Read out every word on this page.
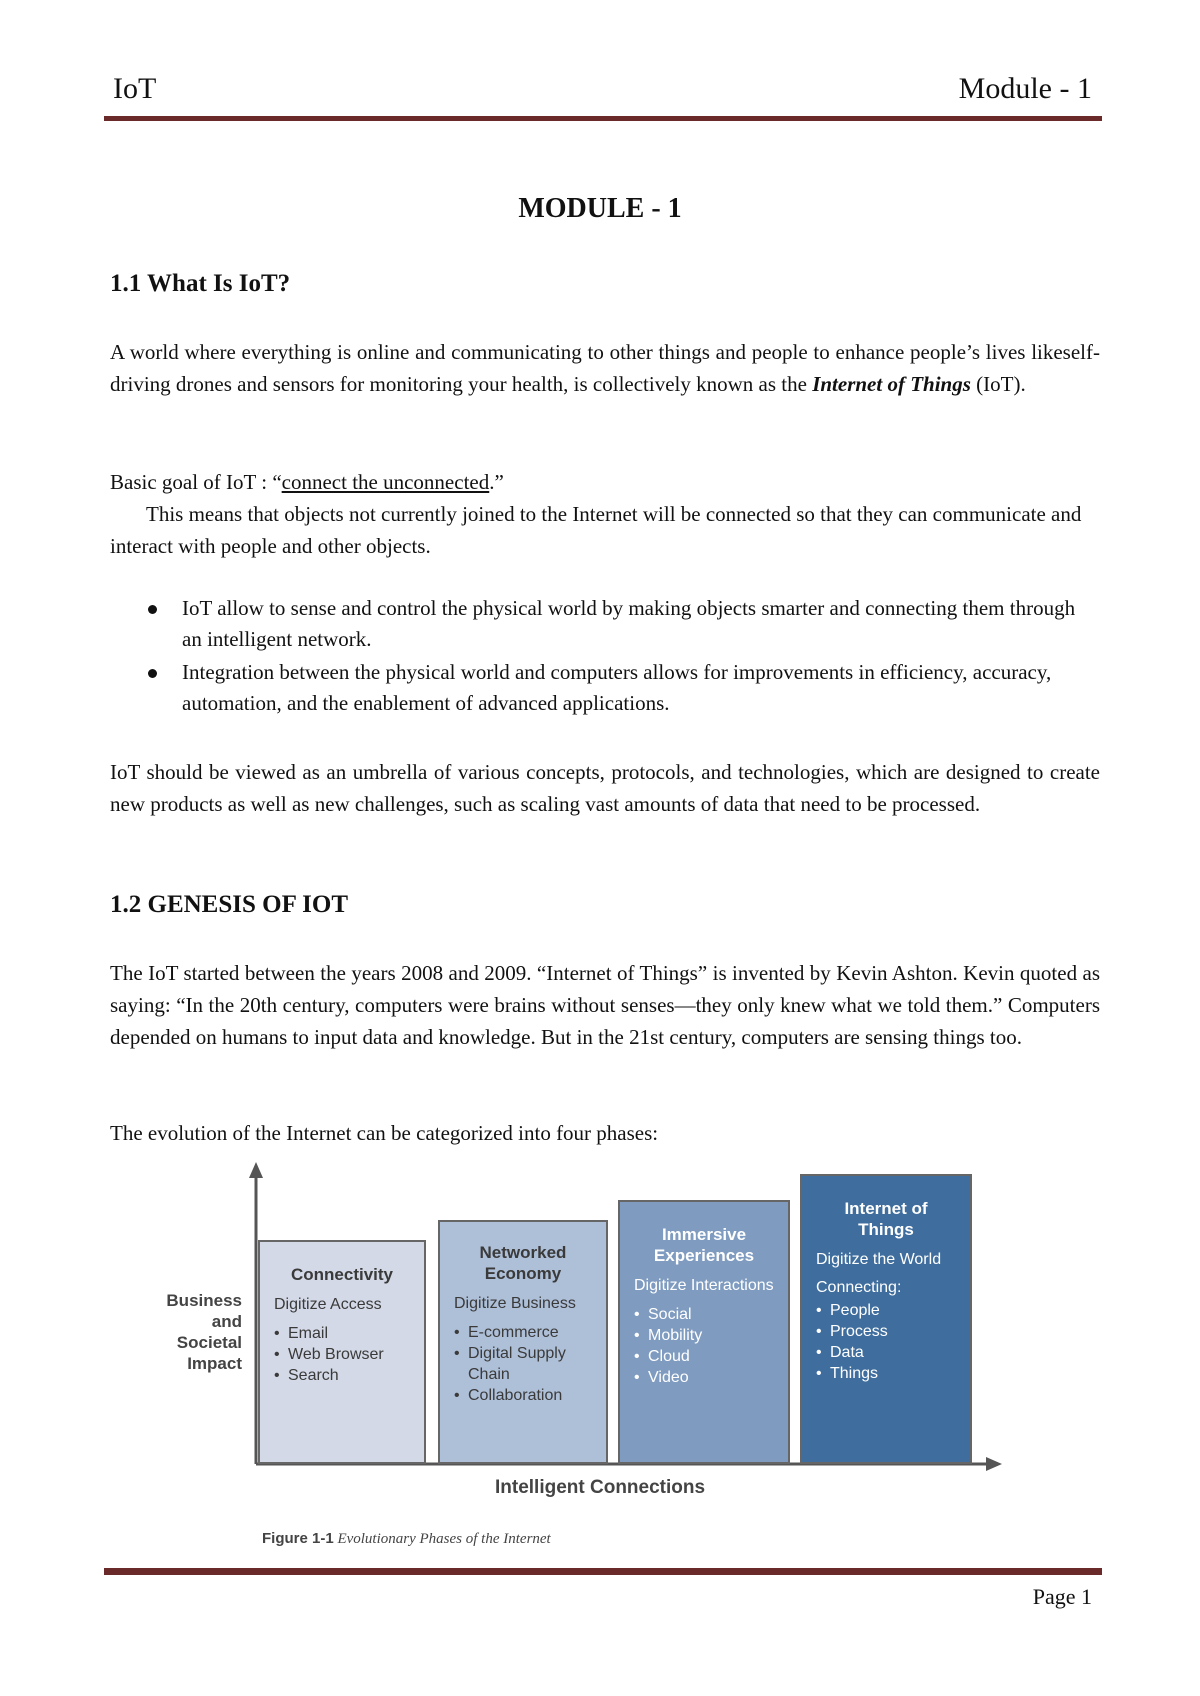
IoT	Module - 1
MODULE - 1
1.1 What Is IoT?

A world where everything is online and communicating to other things and people to enhance people’s lives likeself-driving drones and sensors for monitoring your health, is collectively known as the Internet of Things (IoT).

Basic goal of IoT : “connect the unconnected.”

This means that objects not currently joined to the Internet will be connected so that they can communicate and interact with people and other objects.

IoT allow to sense and control the physical world by making objects smarter and connecting them through an intelligent network.
Integration between the physical world and computers allows for improvements in efficiency, accuracy, automation, and the enablement of advanced applications.

IoT should be viewed as an umbrella of various concepts, protocols, and technologies, which are designed to create new products as well as new challenges, such as scaling vast amounts of data that need to be processed.

1.2 GENESIS OF IOT

The IoT started between the years 2008 and 2009. “Internet of Things” is invented by Kevin Ashton. Kevin quoted as saying: “In the 20th century, computers were brains without senses—they only knew what we told them.” Computers depended on humans to input data and knowledge. But in the 21st century, computers are sensing things too.

The evolution of the Internet can be categorized into four phases:

Business and Societal Impact
Intelligent Connections
Connectivity
Digitize Access
• Email
• Web Browser
• Search
Networked Economy
Digitize Business
• E-commerce
• Digital Supply Chain
• Collaboration
Immersive Experiences
Digitize Interactions
• Social
• Mobility
• Cloud
• Video
Internet of Things
Digitize the World
Connecting:
• People
• Process
• Data
• Things
Figure 1-1 Evolutionary Phases of the Internet
Page 1
